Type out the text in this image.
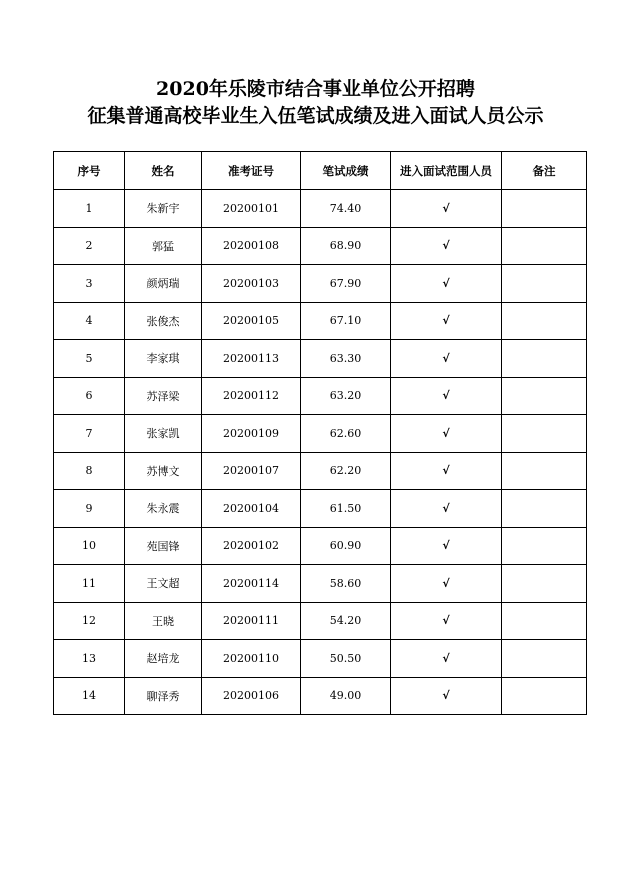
2020年乐陵市结合事业单位公开招聘
征集普通高校毕业生入伍笔试成绩及进入面试人员公示
序号	姓名	准考证号	笔试成绩	进入面试范围人员	备注
1	朱新宇	20200101	74.40	√	
2	郭猛	20200108	68.90	√	
3	颜炳瑞	20200103	67.90	√	
4	张俊杰	20200105	67.10	√	
5	李家琪	20200113	63.30	√	
6	苏泽梁	20200112	63.20	√	
7	张家凯	20200109	62.60	√	
8	苏博文	20200107	62.20	√	
9	朱永震	20200104	61.50	√	
10	苑国锋	20200102	60.90	√	
11	王文超	20200114	58.60	√	
12	王晓	20200111	54.20	√	
13	赵培龙	20200110	50.50	√	
14	聊泽秀	20200106	49.00	√	
